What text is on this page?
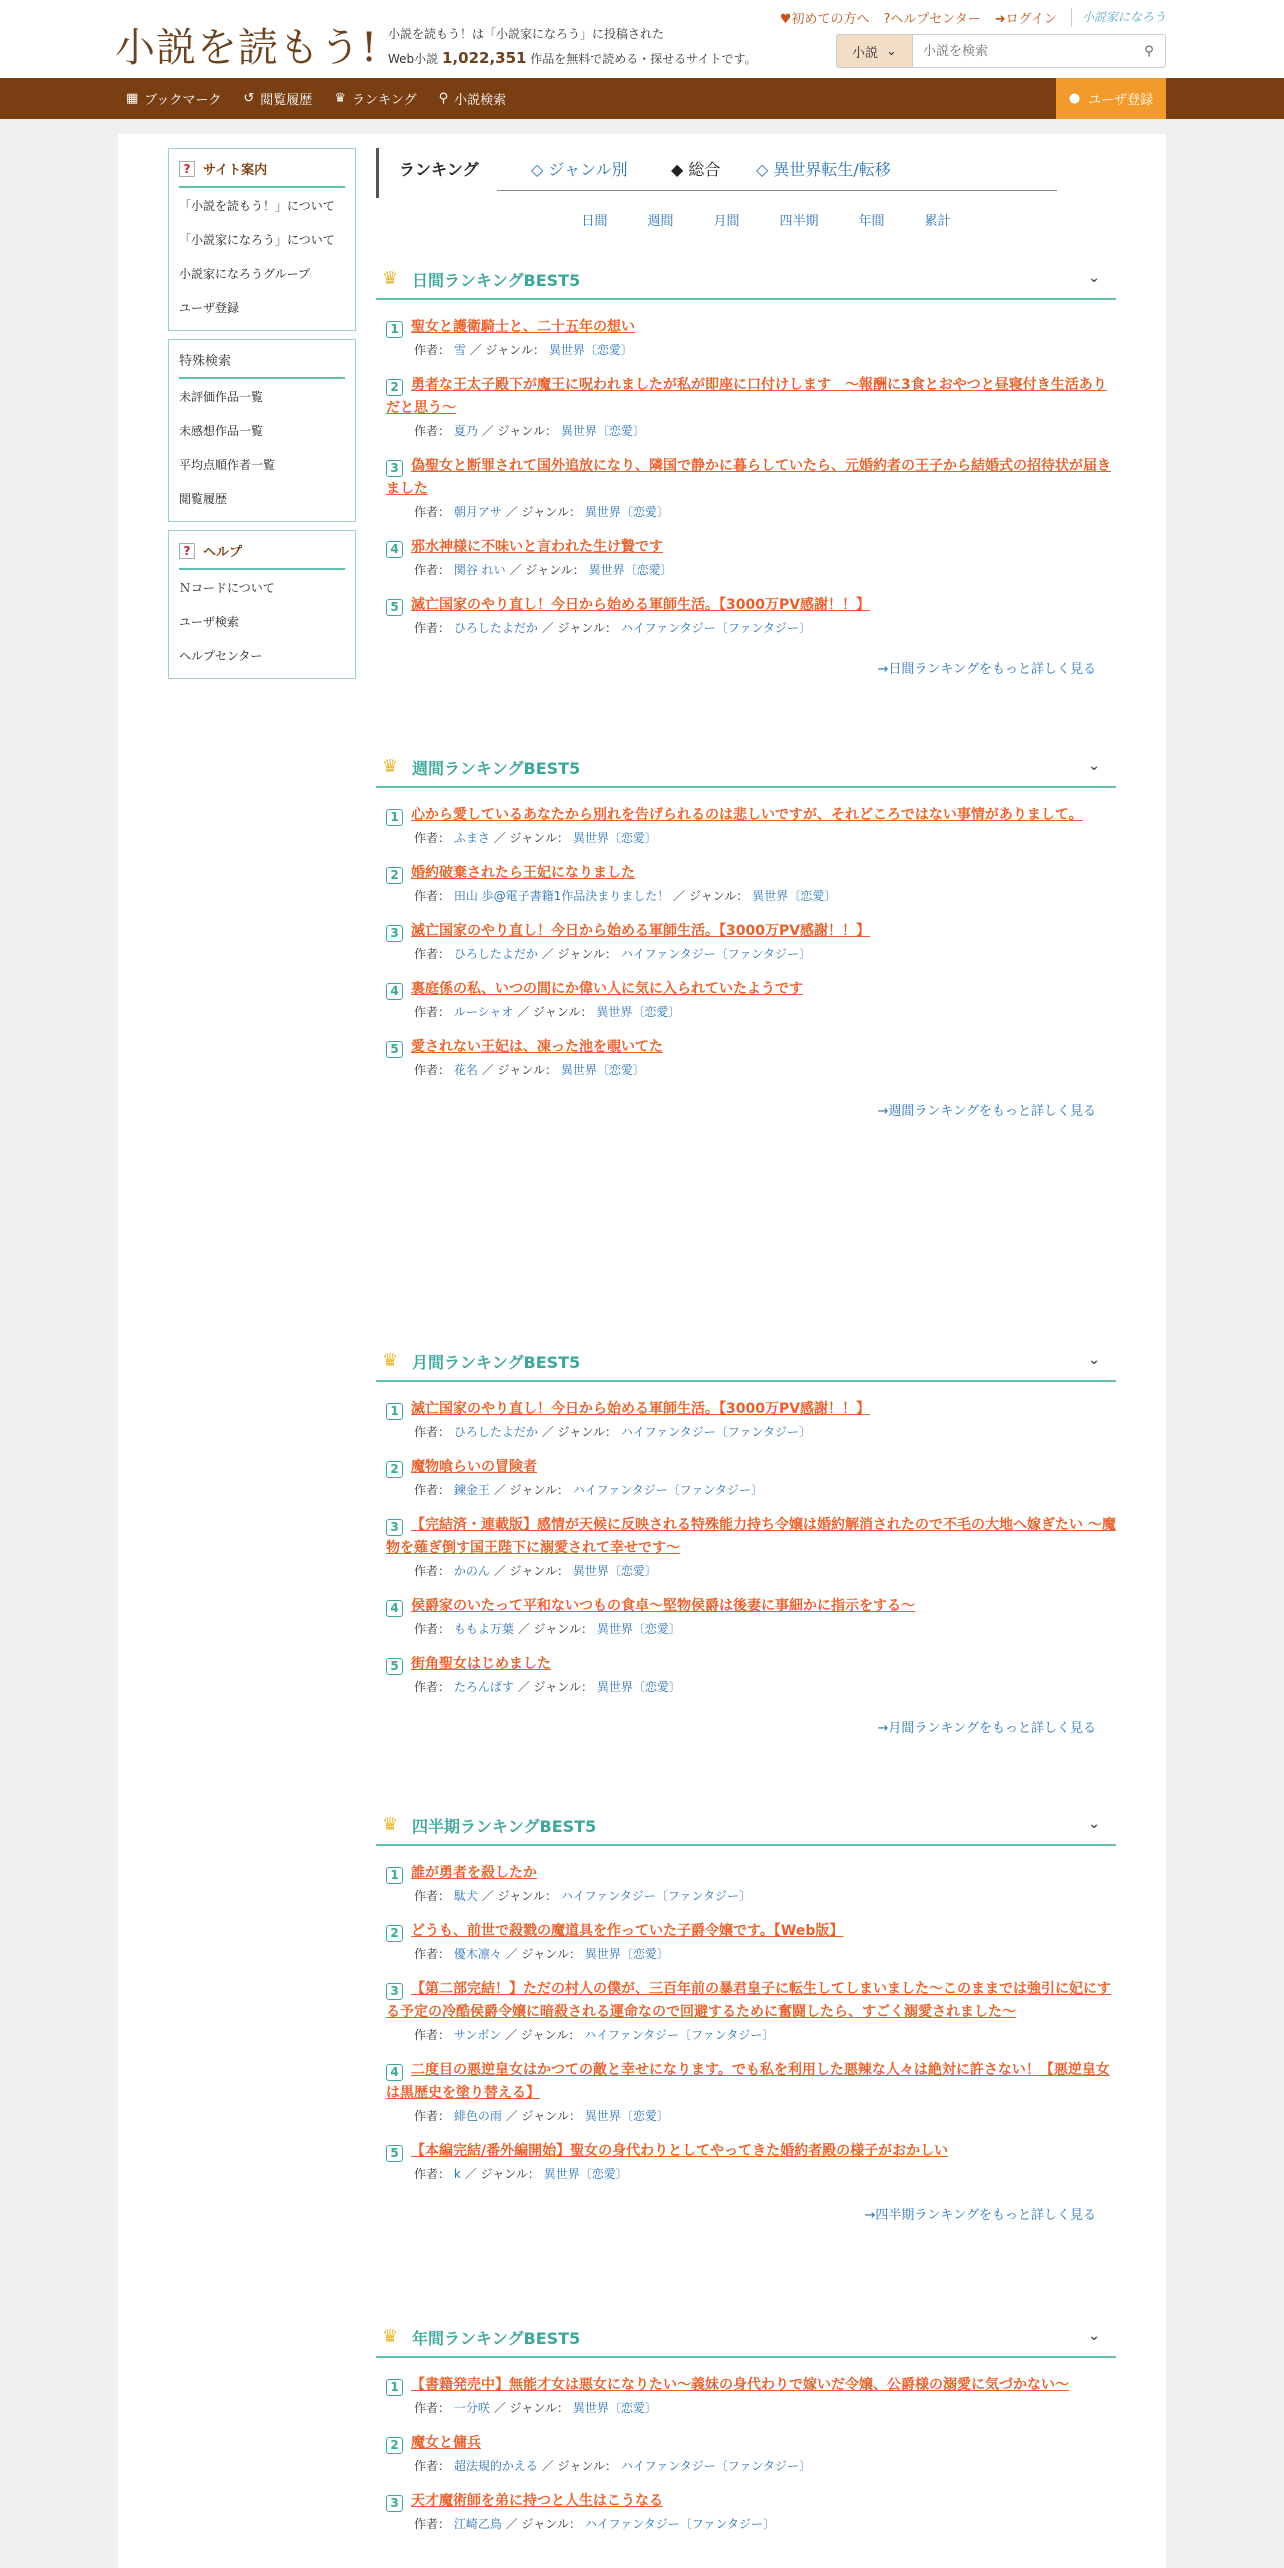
小説を読もう! 小説を読もう！は「小説家になろう」に投稿された
Web小説 1,022,351 作品を無料で読める・探せるサイトです。
♥初めての方へ ?ヘルプセンター ➜ログイン	小説家になろう
小説 ⌄
小説を検索	⚲
▦ ブックマーク ↺ 閲覧履歴 ♛ ランキング ⚲ 小説検索	● ユーザ登録
? サイト案内
「小説を読もう！」について
「小説家になろう」について
小説家になろうグループ
ユーザ登録
特殊検索
未評価作品一覧
未感想作品一覧
平均点順作者一覧
閲覧履歴
? ヘルプ
Ｎコードについて
ユーザ検索
ヘルプセンター
ランキング	◇ ジャンル別	◆ 総合 ◇ 異世界転生/転移
日間	週間	月間	四半期	年間	累計
♛ 日間ランキングBEST5	⌄
1 聖女と護衛騎士と、二十五年の想い
作者： 雪 ／ ジャンル： 異世界〔恋愛〕
2 勇者な王太子殿下が魔王に呪われましたが私が即座に口付けします　〜報酬に3食とおやつと昼寝付き生活ありだと思う〜
作者： 夏乃 ／ ジャンル： 異世界〔恋愛〕
3 偽聖女と断罪されて国外追放になり、隣国で静かに暮らしていたら、元婚約者の王子から結婚式の招待状が届きました
作者： 朝月アサ ／ ジャンル： 異世界〔恋愛〕
4 邪水神様に不味いと言われた生け贄です
作者： 関谷 れい ／ ジャンル： 異世界〔恋愛〕
5 滅亡国家のやり直し！今日から始める軍師生活。【3000万PV感謝！！】
作者： ひろしたよだか ／ ジャンル： ハイファンタジー〔ファンタジー〕
→日間ランキングをもっと詳しく見る
♛ 週間ランキングBEST5	⌄
1 心から愛しているあなたから別れを告げられるのは悲しいですが、それどころではない事情がありまして。
作者： ふまさ ／ ジャンル： 異世界〔恋愛〕
2 婚約破棄されたら王妃になりました
作者： 田山 歩@電子書籍1作品決まりました！ ／ ジャンル： 異世界〔恋愛〕
3 滅亡国家のやり直し！今日から始める軍師生活。【3000万PV感謝！！】
作者： ひろしたよだか ／ ジャンル： ハイファンタジー〔ファンタジー〕
4 裏庭係の私、いつの間にか偉い人に気に入られていたようです
作者： ルーシャオ ／ ジャンル： 異世界〔恋愛〕
5 愛されない王妃は、凍った池を覗いてた
作者： 花名 ／ ジャンル： 異世界〔恋愛〕
→週間ランキングをもっと詳しく見る
♛ 月間ランキングBEST5	⌄
1 滅亡国家のやり直し！今日から始める軍師生活。【3000万PV感謝！！】
作者： ひろしたよだか ／ ジャンル： ハイファンタジー〔ファンタジー〕
2 魔物喰らいの冒険者
作者： 鍊金王 ／ ジャンル： ハイファンタジー〔ファンタジー〕
3 【完結済・連載版】感情が天候に反映される特殊能力持ち令嬢は婚約解消されたので不毛の大地へ嫁ぎたい ～魔物を薙ぎ倒す国王陛下に溺愛されて幸せです～
作者： かのん ／ ジャンル： 異世界〔恋愛〕
4 侯爵家のいたって平和ないつもの食卓～堅物侯爵は後妻に事細かに指示をする～
作者： ももよ万葉 ／ ジャンル： 異世界〔恋愛〕
5 街角聖女はじめました
作者： たろんぱす ／ ジャンル： 異世界〔恋愛〕
→月間ランキングをもっと詳しく見る
♛ 四半期ランキングBEST5	⌄
1 誰が勇者を殺したか
作者： 駄犬 ／ ジャンル： ハイファンタジー〔ファンタジー〕
2 どうも、前世で殺戮の魔道具を作っていた子爵令嬢です。【Web版】
作者： 優木凛々 ／ ジャンル： 異世界〔恋愛〕
3 【第二部完結！】ただの村人の僕が、三百年前の暴君皇子に転生してしまいました～このままでは強引に妃にする予定の冷酷侯爵令嬢に暗殺される運命なので回避するために奮闘したら、すごく溺愛されました～
作者： サンボン ／ ジャンル： ハイファンタジー〔ファンタジー〕
4 二度目の悪逆皇女はかつての敵と幸せになります。でも私を利用した悪辣な人々は絶対に許さない！【悪逆皇女は黒歴史を塗り替える】
作者： 緋色の雨 ／ ジャンル： 異世界〔恋愛〕
5 【本編完結/番外編開始】聖女の身代わりとしてやってきた婚約者殿の様子がおかしい
作者： k ／ ジャンル： 異世界〔恋愛〕
→四半期ランキングをもっと詳しく見る
♛ 年間ランキングBEST5	⌄
1 【書籍発売中】無能才女は悪女になりたい～義妹の身代わりで嫁いだ令嬢、公爵様の溺愛に気づかない～
作者： 一分咲 ／ ジャンル： 異世界〔恋愛〕
2 魔女と傭兵
作者： 超法規的かえる ／ ジャンル： ハイファンタジー〔ファンタジー〕
3 天才魔術師を弟に持つと人生はこうなる
作者： 江崎乙鳥 ／ ジャンル： ハイファンタジー〔ファンタジー〕
